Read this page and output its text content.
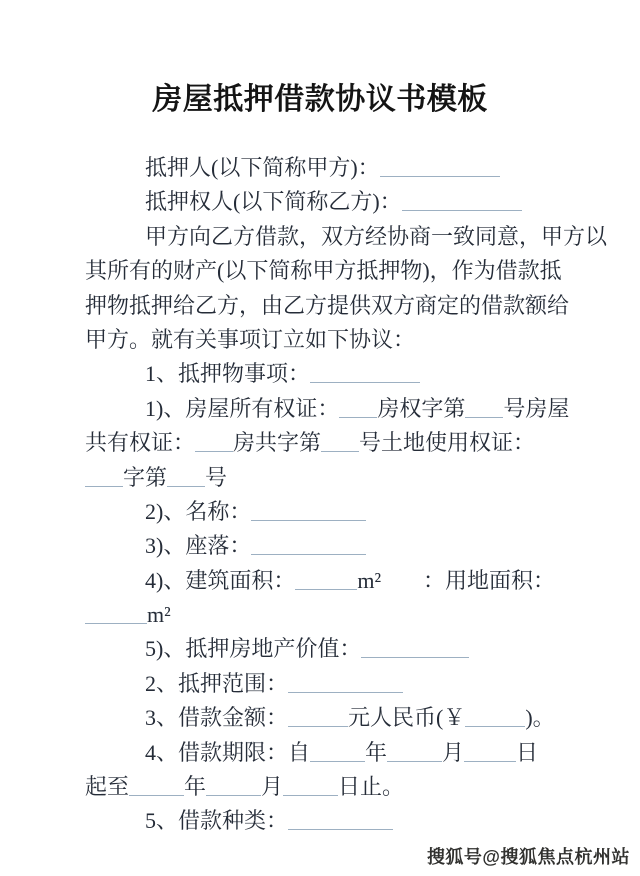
房屋抵押借款协议书模板
抵押人(以下简称甲方)：
抵押权人(以下简称乙方)：
甲方向乙方借款，双方经协商一致同意，甲方以
其所有的财产(以下简称甲方抵押物)，作为借款抵
押物抵押给乙方，由乙方提供双方商定的借款额给
甲方。就有关事项订立如下协议：
1、抵押物事项：
1)、房屋所有权证： 房权字第 号房屋
共有权证： 房共字第 号土地使用权证：
字第 号
2)、名称：
3)、座落：
4)、建筑面积：	m² ：用地面积：
m²
5)、抵押房地产价值：
2、抵押范围：
3、借款金额：	元人民币(￥	)。
4、借款期限：自	年	月 日
起至	年	月	日止。
5、借款种类：
搜狐号@搜狐焦点杭州站
